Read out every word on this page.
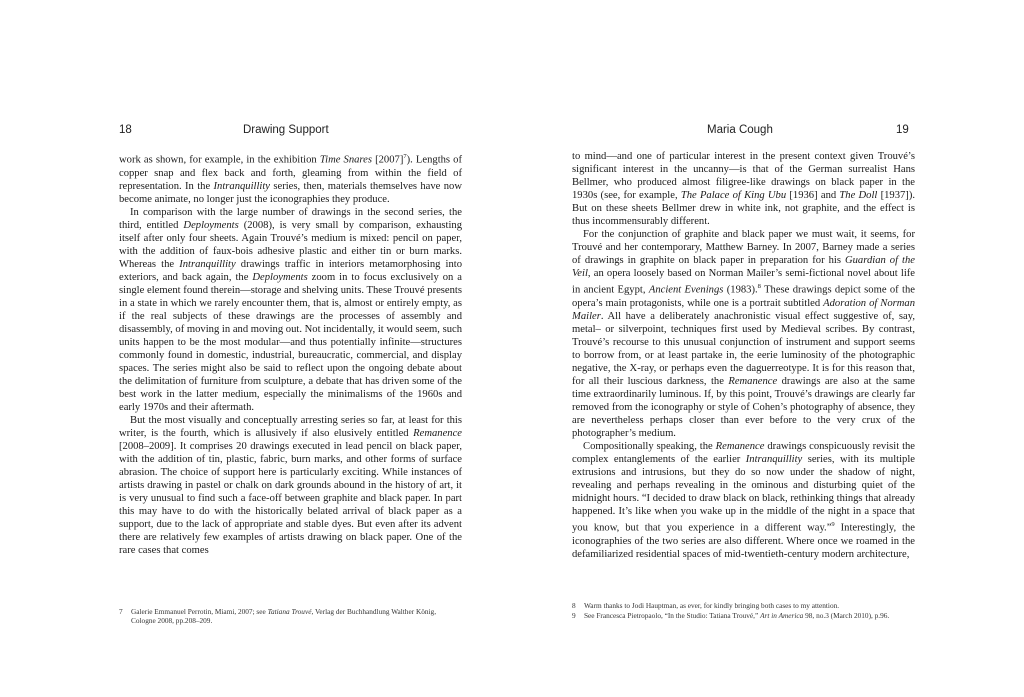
18	Drawing Support

work as shown, for example, in the exhibition Time Snares $[2007]^7$). Lengths of copper snap and flex back and forth, gleaming from within the field of representation. In the Intranquillity series, then, materials themselves have now become animate, no longer just the iconographies they produce.

In comparison with the large number of drawings in the second series, the third, entitled Deployments (2008), is very small by comparison, exhausting itself after only four sheets. Again Trouvé’s medium is mixed: pencil on paper, with the addition of faux-bois adhesive plastic and either tin or burn marks. Whereas the Intranquillity drawings traffic in interiors metamorphosing into exteriors, and back again, the Deployments zoom in to focus exclusively on a single element found therein—storage and shelving units. These Trouvé presents in a state in which we rarely encounter them, that is, almost or entirely empty, as if the real subjects of these drawings are the processes of assembly and disassembly, of moving in and moving out. Not incidentally, it would seem, such units happen to be the most modular—and thus potentially infinite—structures commonly found in domestic, industrial, bureaucratic, commercial, and display spaces. The series might also be said to reflect upon the ongoing debate about the delimitation of furniture from sculpture, a debate that has driven some of the best work in the latter medium, especially the minimalisms of the 1960s and early 1970s and their aftermath.

But the most visually and conceptually arresting series so far, at least for this writer, is the fourth, which is allusively if also elusively entitled Remanence [2008–2009]. It comprises 20 drawings executed in lead pencil on black paper, with the addition of tin, plastic, fabric, burn marks, and other forms of surface abrasion. The choice of support here is particularly exciting. While instances of artists drawing in pastel or chalk on dark grounds abound in the history of art, it is very unusual to find such a face-off between graphite and black paper. In part this may have to do with the historically belated arrival of black paper as a support, due to the lack of appropriate and stable dyes. But even after its advent there are relatively few examples of artists drawing on black paper. One of the rare cases that comes

7	Galerie Emmanuel Perrotin, Miami, 2007; see Tatiana Trouvé, Verlag der Buchhandlung Walther König, Cologne 2008, pp.208–209.
Maria Cough	19

to mind—and one of particular interest in the present context given Trouvé’s significant interest in the uncanny—is that of the German surrealist Hans Bellmer, who produced almost filigree-like drawings on black paper in the 1930s (see, for example, The Palace of King Ubu [1936] and The Doll [1937]). But on these sheets Bellmer drew in white ink, not graphite, and the effect is thus incommensurably different.

For the conjunction of graphite and black paper we must wait, it seems, for Trouvé and her contemporary, Matthew Barney. In 2007, Barney made a series of drawings in graphite on black paper in preparation for his Guardian of the Veil, an opera loosely based on Norman Mailer’s semi-fictional novel about life in ancient Egypt, Ancient Evenings (1983).$^8$ These drawings depict some of the opera’s main protagonists, while one is a portrait subtitled Adoration of Norman Mailer. All have a deliberately anachronistic visual effect suggestive of, say, metal– or silverpoint, techniques first used by Medieval scribes. By contrast, Trouvé’s recourse to this unusual conjunction of instrument and support seems to borrow from, or at least partake in, the eerie luminosity of the photographic negative, the X-ray, or perhaps even the daguerreotype. It is for this reason that, for all their luscious darkness, the Remanence drawings are also at the same time extraordinarily luminous. If, by this point, Trouvé’s drawings are clearly far removed from the iconography or style of Cohen’s photography of absence, they are nevertheless perhaps closer than ever before to the very crux of the photographer’s medium.

Compositionally speaking, the Remanence drawings conspicuously revisit the complex entanglements of the earlier Intranquillity series, with its multiple extrusions and intrusions, but they do so now under the shadow of night, revealing and perhaps revealing in the ominous and disturbing quiet of the midnight hours. “I decided to draw black on black, rethinking things that already happened. It’s like when you wake up in the middle of the night in a space that you know, but that you experience in a different way.”$^9$ Interestingly, the iconographies of the two series are also different. Where once we roamed in the defamiliarized residential spaces of mid-twentieth-century modern architecture,

8	Warm thanks to Jodi Hauptman, as ever, for kindly bringing both cases to my attention.
9	See Francesca Pietropaolo, “In the Studio: Tatiana Trouvé,” Art in America 98, no.3 (March 2010), p.96.
